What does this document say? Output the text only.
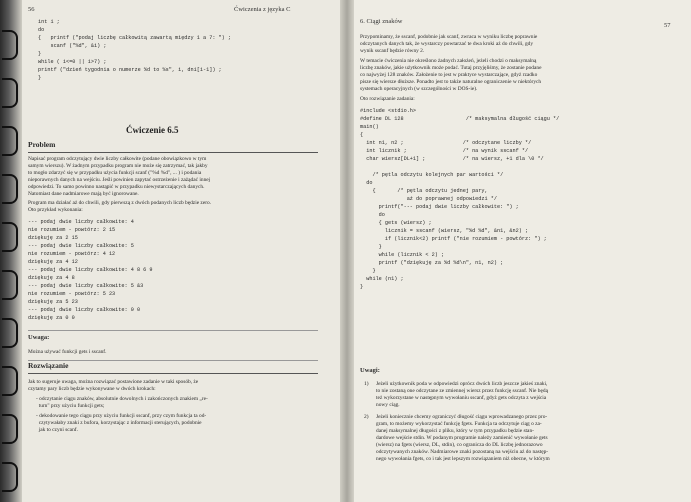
56	Ćwiczenia z języka C
int i ;
do
{   printf ("podaj liczbę całkowitą zawartą między 1 a 7: ") ;
scanf ("%d", &i) ;
}
while ( i<=0 || i>7) ;
printf ("dzień tygodnia o numerze %d to %s", i, dni[i-1]) ;
}
Ćwiczenie 6.5
Problem
Napisać program odczytujący dwie liczby całkowite (podane obowiązkowo w tym
samym wierszu). W żadnym przypadku program nie może się zatrzymać, tak jakby
to mogło zdarzyć się w przypadku użycia funkcji scanf ("%d %d", ... ) i podania
nieporawnych danych na wejściu. Jeśli powinien zapytać ostrzeżenie i zażądać innej
odpowiedzi. To samo powinno nastąpić w przypadku niewystarczających danych.
Natomiast dane nadmiarowe mają być ignorowane.
Program ma działać aż do chwili, gdy pierwszą z dwóch podanych liczb będzie zero.
Oto przykład wykonania:
--- podaj dwie liczby całkowite: 4
nie rozumiem - powtórz: 2 15
dziękuję za 2 15
--- podaj dwie liczby całkowite: 5
nie rozumiem - powtórz: 4 12
dziękuję za 4 12
--- podaj dwie liczby całkowite: 4 8 6 9
dziękuję za 4 8
--- podaj dwie liczby całkowite: 5 &3
nie rozumiem - powtórz: 5 23
dziękuję za 5 23
--- podaj dwie liczby całkowite: 0 0
dziękuję za 0 0
Uwaga:
Można używać funkcji gets i sscanf.
Rozwiązanie
Jak to sugeruje uwaga, można rozwiązać postawione zadanie w taki sposób, że
czytamy pary liczb będzie wykonywane w dwóch krokach:
- odczytanie ciągu znaków, absolutnie dowolnych i zakończonych znakiem „re-
turn" przy użyciu funkcji gets;
- dekodowanie tego ciągu przy użyciu funkcji sscanf, przy czym funkcja ta od-
czytywałaby znaki z bufora, korzystając z informacji sterujących, podobnie
jak to czyni scanf.
6. Ciągi znaków
57
Przypominamy, że sscanf, podobnie jak scanf, zwraca w wyniku liczbę poprawnie
odczytanych danych tak, że wystarczy powtarzać te dwa kroki aż do chwili, gdy
wynik sscanf będzie równy 2.
W temacie ćwiczenia nie określono żadnych założeń, jeżeli chodzi o maksymalną
liczbę znaków, jakie użytkownik może podać. Tutaj przyjęliśmy, że zostanie podane
co najwyżej 128 znaków. Założenie to jest w praktyce wystarczające, gdyż rzadko
pisze się wiersze dłuższe. Ponadto jest to także naturalne ograniczenie w niektórych
systemach operacyjnych (w szczególności w DOS-ie).
Oto rozwiązanie zadania:
#include <stdio.h>
#define DL 128                    /* maksymalna długość ciągu */
main()
{
int n1, n2 ;                   /* odczytane liczby */
int licznik ;                  /* na wynik sscanf */
char wiersz[DL+1] ;            /* na wiersz, +1 dla \0 */
/* pętla odczytu kolejnych par wartości */
do
{       /* pętla odczytu jednej pary,
aż do poprawnej odpowiedzi */
printf("--- podaj dwie liczby całkowite: ") ;
do
{ gets (wiersz) ;
licznik = sscanf (wiersz, "%d %d", &n1, &n2) ;
if (licznik<2) printf ("nie rozumiem - powtórz: ") ;
}
while (licznik < 2) ;
printf ("dziękuję za %d %d\n", n1, n2) ;
}
while (n1) ;
}
Uwagi:
1) Jeżeli użytkownik poda w odpowiedzi oprócz dwóch liczb jeszcze jakieś znaki,
to nie zostaną one odczytane ze zmiennej wiersz przez funkcję sscanf. Nie będą
też wykorzystane w następnym wywołaniu sscanf, gdyż gets odczyta z wejścia
nowy ciąg.
2) Jeżeli koniecznie chcemy ograniczyć długość ciągu wprowadzanego przez pro-
gram, to możemy wykorzystać funkcję fgets. Funkcja ta odczytuje ciąg o za-
danej maksymalnej długości z pliku, który w tym przypadku będzie stan-
dardowe wejście stdin. W podanym programie należy zamienić wywołanie gets
(wiersz) na fgets (wiersz, DL, stdin), co ogranicza do DL liczbę jednorazowo
odczytywanych znaków. Nadmiarowe znaki pozostaną na wejściu aż do następ-
nego wywołania fgets, co i tak jest lepszym rozwiązaniem niż obecne, w którym
